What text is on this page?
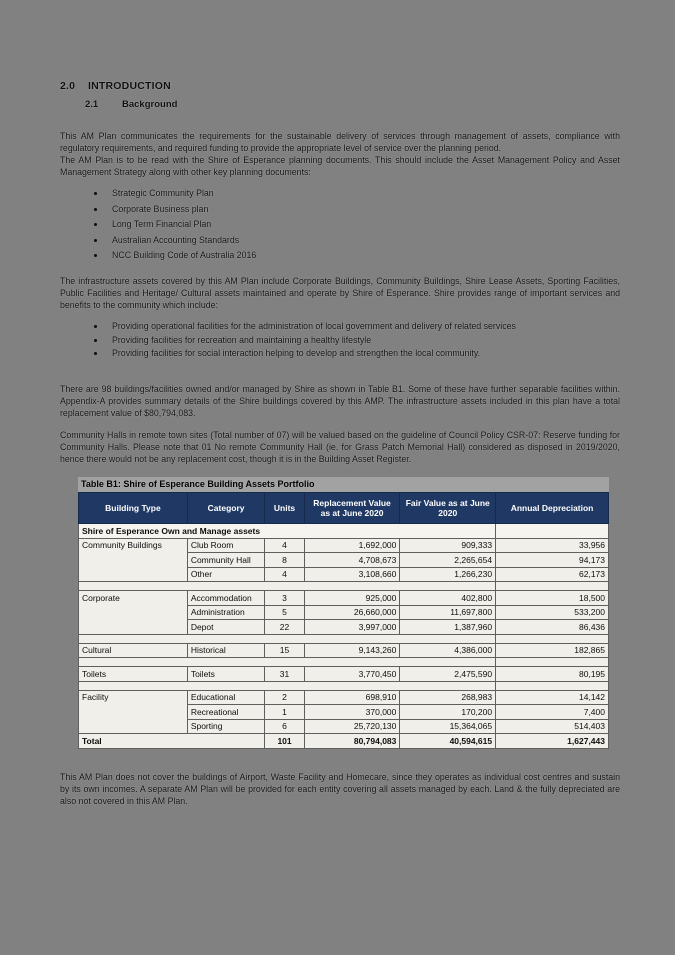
2.0	INTRODUCTION
2.1	Background

This AM Plan communicates the requirements for the sustainable delivery of services through management of assets, compliance with regulatory requirements, and required funding to provide the appropriate level of service over the planning period.

The AM Plan is to be read with the Shire of Esperance planning documents. This should include the Asset Management Policy and Asset Management Strategy along with other key planning documents:

• Strategic Community Plan
• Corporate Business plan
• Long Term Financial Plan
• Australian Accounting Standards
• NCC Building Code of Australia 2016

The infrastructure assets covered by this AM Plan include Corporate Buildings, Community Buildings, Shire Lease Assets, Sporting Facilities, Public Facilities and Heritage/ Cultural assets maintained and operate by Shire of Esperance. Shire provides range of important services and benefits to the community which include:

• Providing operational facilities for the administration of local government and delivery of related services
• Providing facilities for recreation and maintaining a healthy lifestyle
• Providing facilities for social interaction helping to develop and strengthen the local community.

There are 98 buildings/facilities owned and/or managed by Shire as shown in Table B1. Some of these have further separable facilities within. Appendix-A provides summary details of the Shire buildings covered by this AMP. The infrastructure assets included in this plan have a total replacement value of $80,794,083.

Community Halls in remote town sites (Total number of 07) will be valued based on the guideline of Council Policy CSR-07: Reserve funding for Community Halls. Please note that 01 No remote Community Hall (ie. for Grass Patch Memorial Hall) considered as disposed in 2019/2020, hence there would not be any replacement cost, though it is in the Building Asset Register.

Table B1: Shire of Esperance Building Assets Portfolio
Building Type	Category	Units	Replacement Value as at June 2020	Fair Value as at June 2020	Annual Depreciation
Shire of Esperance Own and Manage assets					
Community Buildings	Club Room	4	1,692,000	909,333	33,956
	Community Hall	8	4,708,673	2,265,654	94,173
	Other	4	3,108,660	1,266,230	62,173

Corporate	Accommodation	3	925,000	402,800	18,500
	Administration	5	26,660,000	11,697,800	533,200
	Depot	22	3,997,000	1,387,960	86,436

Cultural	Historical	15	9,143,260	4,386,000	182,865

Toilets	Toilets	31	3,770,450	2,475,590	80,195

Facility	Educational	2	698,910	268,983	14,142
	Recreational	1	370,000	170,200	7,400
	Sporting	6	25,720,130	15,364,065	514,403
Total		101	80,794,083	40,594,615	1,627,443

This AM Plan does not cover the buildings of Airport, Waste Facility and Homecare, since they operates as individual cost centres and sustain by its own incomes. A separate AM Plan will be provided for each entity covering all assets managed by each. Land & the fully depreciated are also not covered in this AM Plan.
